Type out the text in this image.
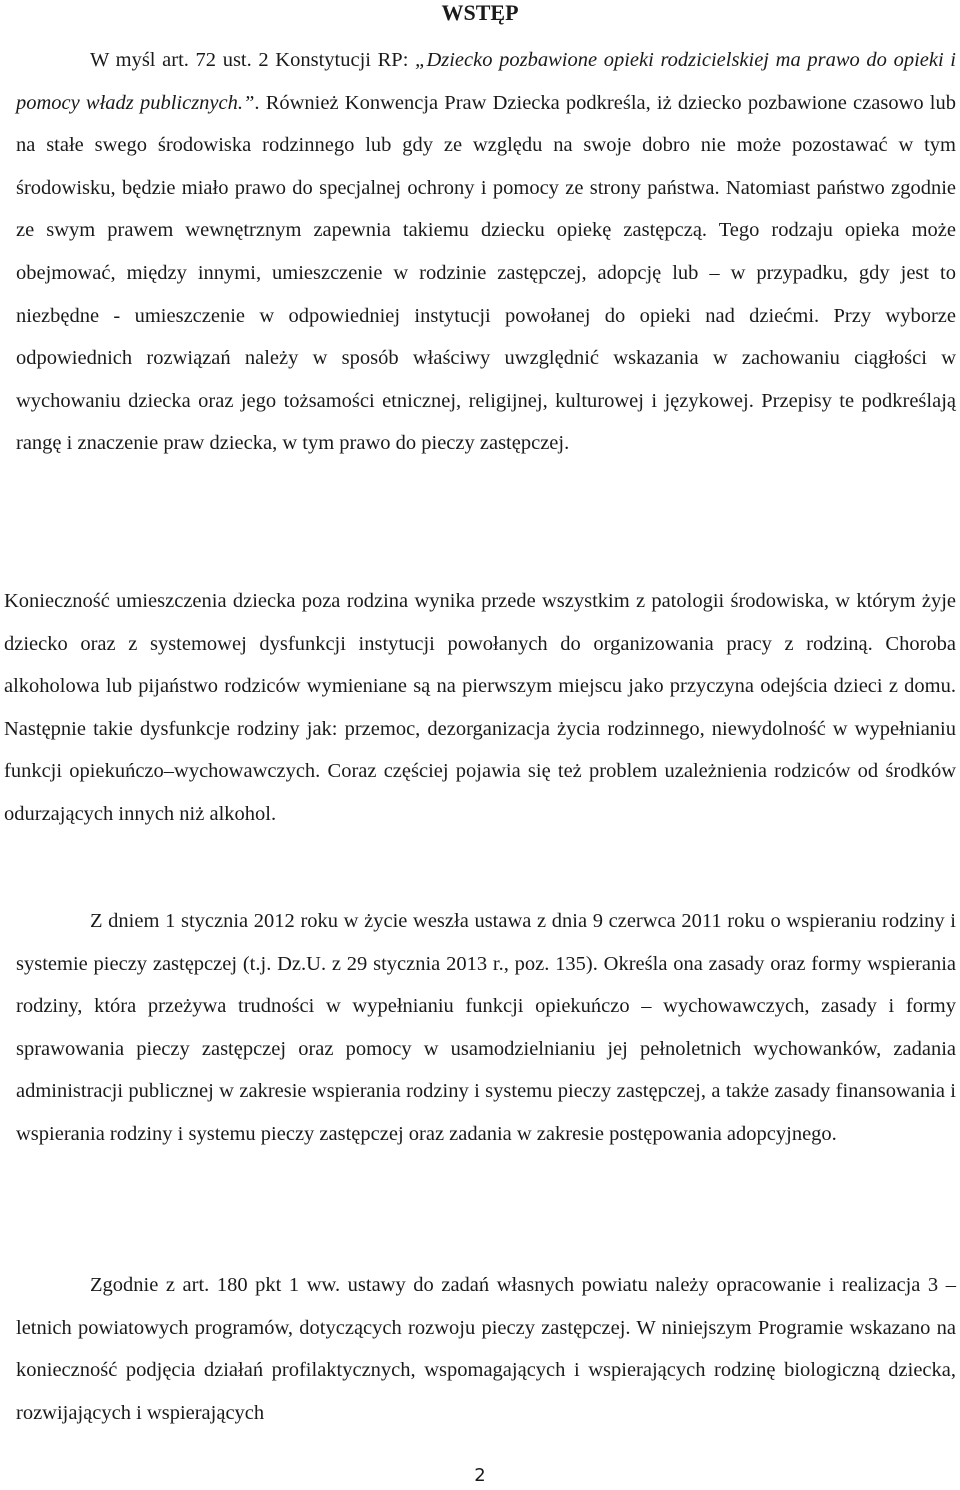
WSTĘP

W myśl art. 72 ust. 2 Konstytucji RP: „Dziecko pozbawione opieki rodzicielskiej ma prawo do opieki i pomocy władz publicznych.”. Również Konwencja Praw Dziecka podkreśla, iż dziecko pozbawione czasowo lub na stałe swego środowiska rodzinnego lub gdy ze względu na swoje dobro nie może pozostawać w tym środowisku, będzie miało prawo do specjalnej ochrony i pomocy ze strony państwa. Natomiast państwo zgodnie ze swym prawem wewnętrznym zapewnia takiemu dziecku opiekę zastępczą. Tego rodzaju opieka może obejmować, między innymi, umieszczenie w rodzinie zastępczej, adopcję lub – w przypadku, gdy jest to niezbędne - umieszczenie w odpowiedniej instytucji powołanej do opieki nad dziećmi. Przy wyborze odpowiednich rozwiązań należy w sposób właściwy uwzględnić wskazania w zachowaniu ciągłości w wychowaniu dziecka oraz jego tożsamości etnicznej, religijnej, kulturowej i językowej. Przepisy te podkreślają rangę i znaczenie praw dziecka, w tym prawo do pieczy zastępczej.

Konieczność umieszczenia dziecka poza rodzina wynika przede wszystkim z patologii środowiska, w którym żyje dziecko oraz z systemowej dysfunkcji instytucji powołanych do organizowania pracy z rodziną. Choroba alkoholowa lub pijaństwo rodziców wymieniane są na pierwszym miejscu jako przyczyna odejścia dzieci z domu. Następnie takie dysfunkcje rodziny jak: przemoc, dezorganizacja życia rodzinnego, niewydolność w wypełnianiu funkcji opiekuńczo–wychowawczych. Coraz częściej pojawia się też problem uzależnienia rodziców od środków odurzających innych niż alkohol.

Z dniem 1 stycznia 2012 roku w życie weszła ustawa z dnia 9 czerwca 2011 roku o wspieraniu rodziny i systemie pieczy zastępczej (t.j. Dz.U. z 29 stycznia 2013 r., poz. 135). Określa ona zasady oraz formy wspierania rodziny, która przeżywa trudności w wypełnianiu funkcji opiekuńczo – wychowawczych, zasady i formy sprawowania pieczy zastępczej oraz pomocy w usamodzielnianiu jej pełnoletnich wychowanków, zadania administracji publicznej w zakresie wspierania rodziny i systemu pieczy zastępczej, a także zasady finansowania i wspierania rodziny i systemu pieczy zastępczej oraz zadania w zakresie postępowania adopcyjnego.

Zgodnie z art. 180 pkt 1 ww. ustawy do zadań własnych powiatu należy opracowanie i realizacja 3 – letnich powiatowych programów, dotyczących rozwoju pieczy zastępczej. W niniejszym Programie wskazano na konieczność podjęcia działań profilaktycznych, wspomagających i wspierających rodzinę biologiczną dziecka, rozwijających i wspierających

2
